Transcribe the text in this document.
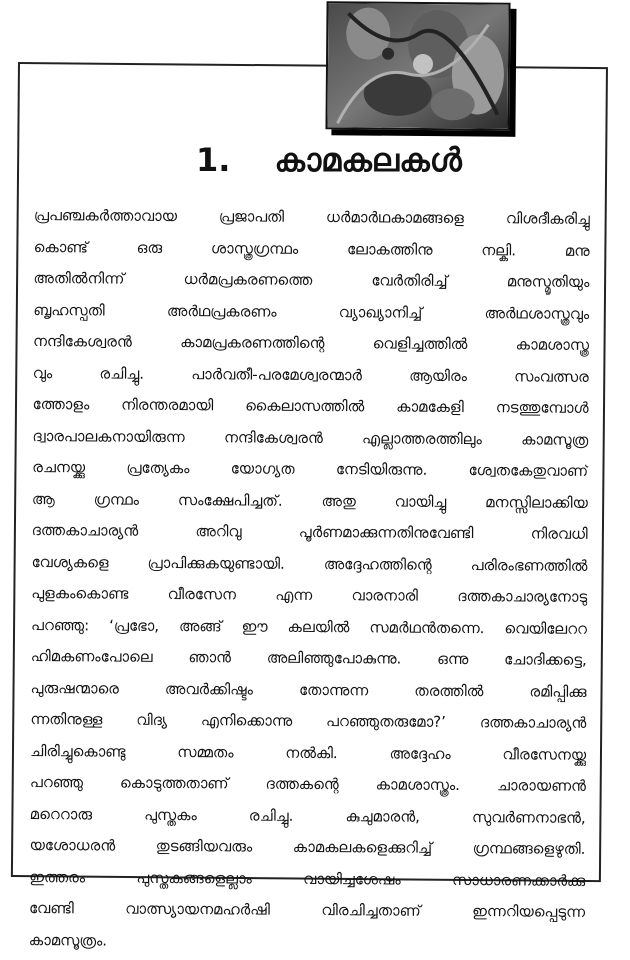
1. കാമകലകൾ
പ്രപഞ്ചകർത്താവായ പ്രജാപതി ധർമാർഥകാമങ്ങളെ വിശദീകരിച്ചു
കൊണ്ട് ഒരു ശാസ്ത്രഗ്രന്ഥം ലോകത്തിനു നല്കി. മനു
അതിൽനിന്ന് ധർമപ്രകരണത്തെ വേർതിരിച്ച് മനുസ്മൃതിയും
ബൃഹസ്പതി അർഥപ്രകരണം വ്യാഖ്യാനിച്ച് അർഥശാസ്ത്രവും
നന്ദികേശ്വരൻ കാമപ്രകരണത്തിന്റെ വെളിച്ചത്തിൽ കാമശാസ്ത്ര
വും രചിച്ചു. പാർവതീ-പരമേശ്വരന്മാർ ആയിരം സംവത്സര
ത്തോളം നിരന്തരമായി കൈലാസത്തിൽ കാമകേളി നടത്തുമ്പോൾ
ദ്വാരപാലകനായിരുന്ന നന്ദികേശ്വരൻ എല്ലാത്തരത്തിലും കാമസൂത്ര
രചനയ്ക്കു പ്രത്യേകം യോഗ്യത നേടിയിരുന്നു. ശ്വേതകേതുവാണ്
ആ ഗ്രന്ഥം സംക്ഷേപിച്ചത്. അതു വായിച്ചു മനസ്സിലാക്കിയ
ദത്തകാചാര്യൻ അറിവു പൂർണമാക്കുന്നതിനുവേണ്ടി നിരവധി
വേശ്യകളെ പ്രാപിക്കുകയുണ്ടായി. അദ്ദേഹത്തിന്റെ പരിരംഭണത്തിൽ
പുളകംകൊണ്ട വീരസേന എന്ന വാരനാരി ദത്തകാചാര്യനോടു
പറഞ്ഞു: ‘പ്രഭോ, അങ്ങ് ഈ കലയിൽ സമർഥൻതന്നെ. വെയിലേററ
ഹിമകണംപോലെ ഞാൻ അലിഞ്ഞുപോകുന്നു. ഒന്നു ചോദിക്കട്ടെ,
പുരുഷന്മാരെ അവർക്കിഷ്ടം തോന്നുന്ന തരത്തിൽ രമിപ്പിക്കു
ന്നതിനുള്ള വിദ്യ എനിക്കൊന്നു പറഞ്ഞുതരുമോ?’ ദത്തകാചാര്യൻ
ചിരിച്ചുകൊണ്ടു സമ്മതം നൽകി. അദ്ദേഹം വീരസേനയ്ക്കു
പറഞ്ഞു കൊടുത്തതാണ് ദത്തകന്റെ കാമശാസ്ത്രം. ചാരായണൻ
മറെറാരു പുസ്തകം രചിച്ചു. കുചുമാരൻ, സുവർണനാഭൻ,
യശോധരൻ തുടങ്ങിയവരും കാമകലകളെക്കുറിച്ച് ഗ്രന്ഥങ്ങളെഴുതി.
ഇത്തരം പുസ്തകങ്ങളെല്ലാം വായിച്ചശേഷം സാധാരണക്കാർക്കു
വേണ്ടി വാത്സ്യായനമഹർഷി വിരചിച്ചതാണ് ഇന്നറിയപ്പെടുന്ന
കാമസൂത്രം.
